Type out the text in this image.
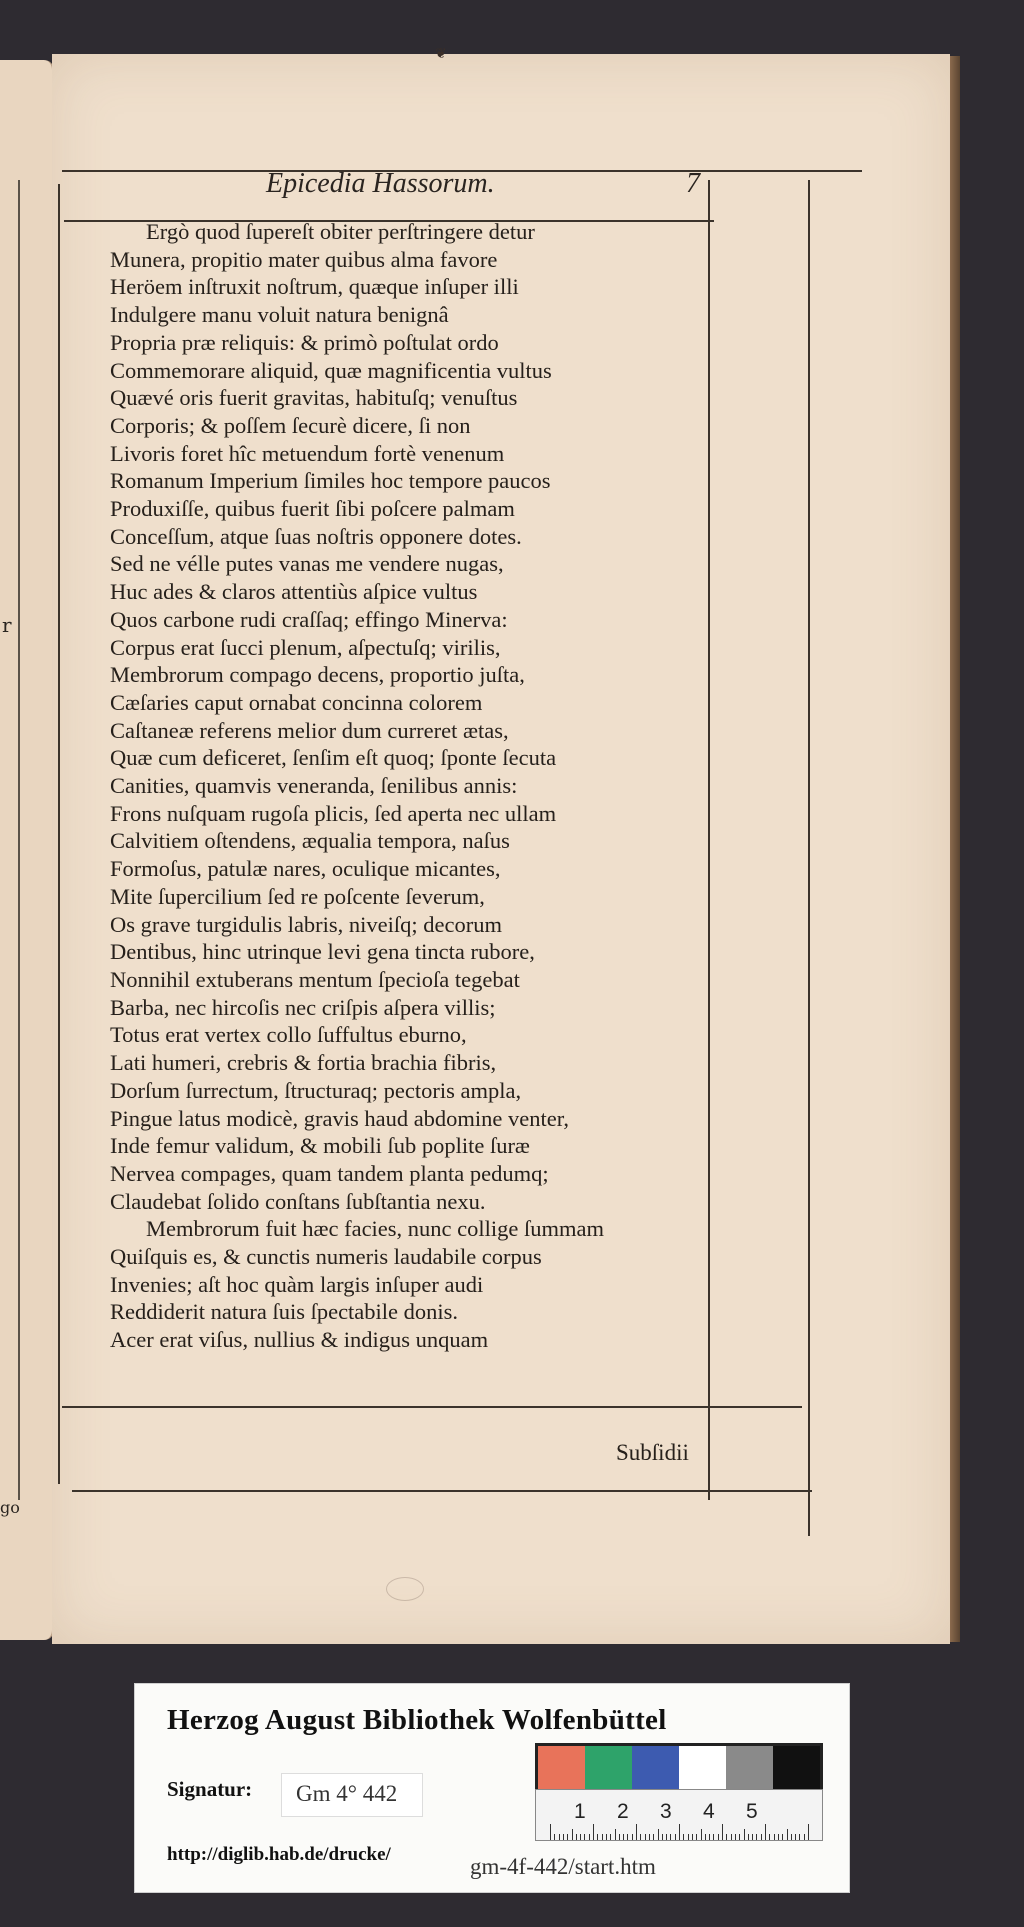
r
go
❦
Epicedia Hassorum.	7
Ergò quod ſupereſt obiter perſtringere detur
Munera, propitio mater quibus alma favore
Heröem inſtruxit noſtrum, quæque inſuper illi
Indulgere manu voluit natura benignâ
Propria præ reliquis: & primò poſtulat ordo
Commemorare aliquid, quæ magnificentia vultus
Quævé oris fuerit gravitas, habituſq; venuſtus
Corporis; & poſſem ſecurè dicere, ſi non
Livoris foret hîc metuendum fortè venenum
Romanum Imperium ſimiles hoc tempore paucos
Produxiſſe, quibus fuerit ſibi poſcere palmam
Conceſſum, atque ſuas noſtris opponere dotes.
Sed ne vélle putes vanas me vendere nugas,
Huc ades & claros attentiùs aſpice vultus
Quos carbone rudi craſſaq; effingo Minerva:
Corpus erat ſucci plenum, aſpectuſq; virilis,
Membrorum compago decens, proportio juſta,
Cæſaries caput ornabat concinna colorem
Caſtaneæ referens melior dum curreret ætas,
Quæ cum deficeret, ſenſim eſt quoq; ſponte ſecuta
Canities, quamvis veneranda, ſenilibus annis:
Frons nuſquam rugoſa plicis, ſed aperta nec ullam
Calvitiem oſtendens, æqualia tempora, naſus
Formoſus, patulæ nares, oculique micantes,
Mite ſupercilium ſed re poſcente ſeverum,
Os grave turgidulis labris, niveiſq; decorum
Dentibus, hinc utrinque levi gena tincta rubore,
Nonnihil extuberans mentum ſpecioſa tegebat
Barba, nec hircoſis nec criſpis aſpera villis;
Totus erat vertex collo ſuffultus eburno,
Lati humeri, crebris & fortia brachia fibris,
Dorſum ſurrectum, ſtructuraq; pectoris ampla,
Pingue latus modicè, gravis haud abdomine venter,
Inde femur validum, & mobili ſub poplite ſuræ
Nervea compages, quam tandem planta pedumq;
Claudebat ſolido conſtans ſubſtantia nexu.
Membrorum fuit hæc facies, nunc collige ſummam
Quiſquis es, & cunctis numeris laudabile corpus
Invenies; aſt hoc quàm largis inſuper audi
Reddiderit natura ſuis ſpectabile donis.
Acer erat viſus, nullius & indigus unquam
Subſidii
Herzog August Bibliothek Wolfenbüttel
Signatur: Gm 4° 442
http://diglib.hab.de/drucke/	gm-4f-442/start.htm
1 2 3 4 5
